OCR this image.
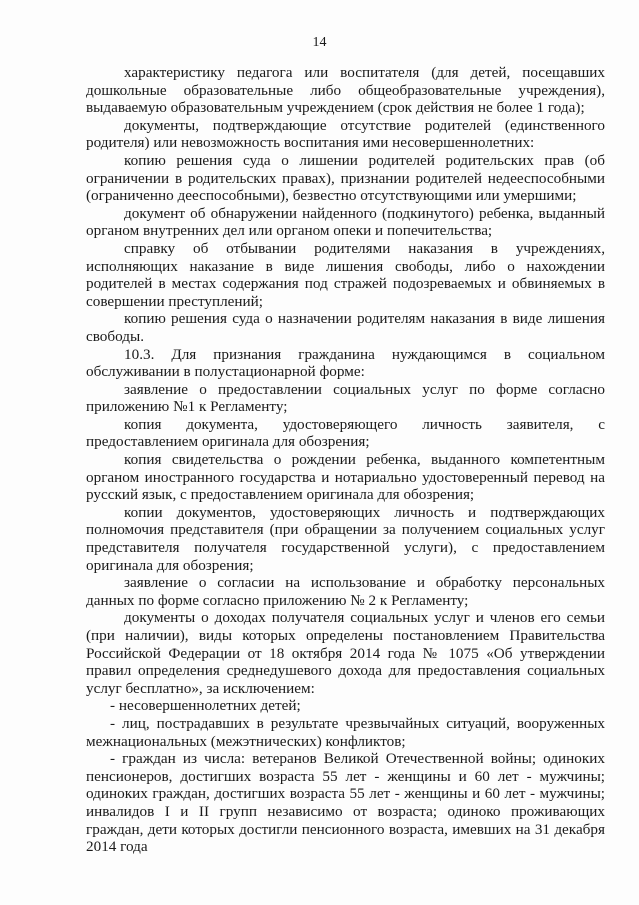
14

характеристику педагога или воспитателя (для детей, посещавших дошкольные образовательные либо общеобразовательные учреждения), выдаваемую образовательным учреждением (срок действия не более 1 года);

документы, подтверждающие отсутствие родителей (единственного родителя) или невозможность воспитания ими несовершеннолетних:

копию решения суда о лишении родителей родительских прав (об ограничении в родительских правах), признании родителей недееспособными (ограниченно дееспособными), безвестно отсутствующими или умершими;

документ об обнаружении найденного (подкинутого) ребенка, выданный органом внутренних дел или органом опеки и попечительства;

справку об отбывании родителями наказания в учреждениях, исполняющих наказание в виде лишения свободы, либо о нахождении родителей в местах содержания под стражей подозреваемых и обвиняемых в совершении преступлений;

копию решения суда о назначении родителям наказания в виде лишения свободы.

10.3. Для признания гражданина нуждающимся в социальном обслуживании в полустационарной форме:

заявление о предоставлении социальных услуг по форме согласно приложению №1 к Регламенту;

копия документа, удостоверяющего личность заявителя, с предоставлением оригинала для обозрения;

копия свидетельства о рождении ребенка, выданного компетентным органом иностранного государства и нотариально удостоверенный перевод на русский язык, с предоставлением оригинала для обозрения;

копии документов, удостоверяющих личность и подтверждающих полномочия представителя (при обращении за получением социальных услуг представителя получателя государственной услуги), с предоставлением оригинала для обозрения;

заявление о согласии на использование и обработку персональных данных по форме согласно приложению № 2 к Регламенту;

документы о доходах получателя социальных услуг и членов его семьи (при наличии), виды которых определены постановлением Правительства Российской Федерации от 18 октября 2014 года № 1075 «Об утверждении правил определения среднедушевого дохода для предоставления социальных услуг бесплатно», за исключением:

- несовершеннолетних детей;

- лиц, пострадавших в результате чрезвычайных ситуаций, вооруженных межнациональных (межэтнических) конфликтов;

- граждан из числа: ветеранов Великой Отечественной войны; одиноких пенсионеров, достигших возраста 55 лет - женщины и 60 лет - мужчины; одиноких граждан, достигших возраста 55 лет - женщины и 60 лет - мужчины; инвалидов I и II групп независимо от возраста; одиноко проживающих граждан, дети которых достигли пенсионного возраста, имевших на 31 декабря 2014 года
